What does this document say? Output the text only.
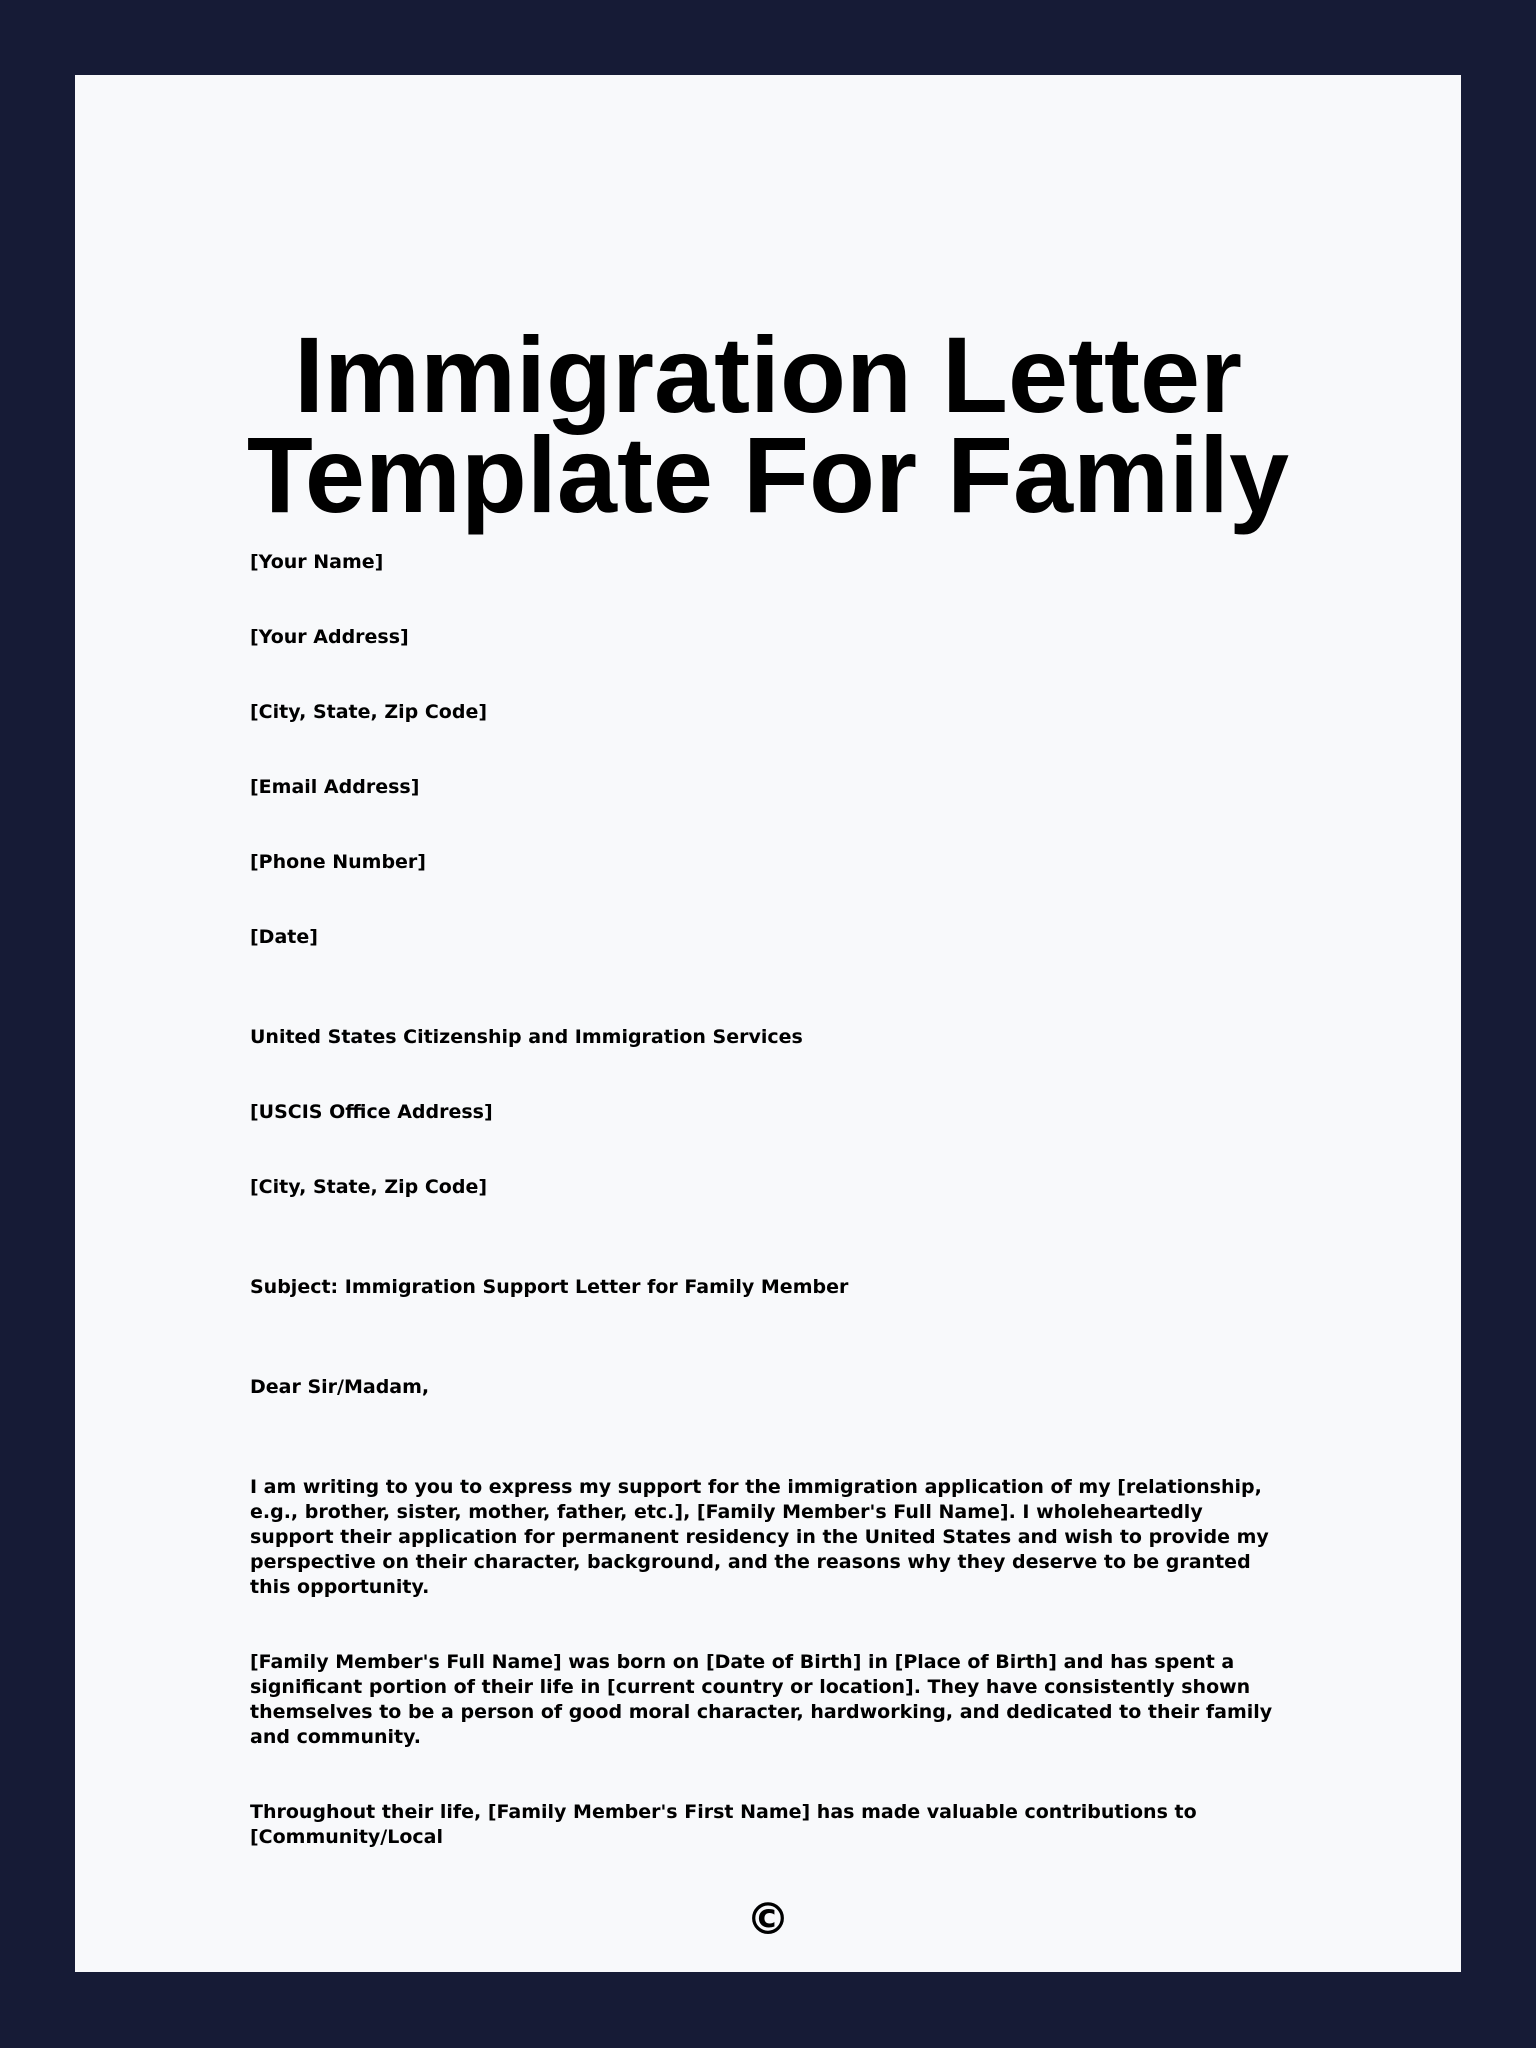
Immigration Letter Template For Family

[Your Name]

[Your Address]

[City, State, Zip Code]

[Email Address]

[Phone Number]

[Date]

United States Citizenship and Immigration Services

[USCIS Office Address]

[City, State, Zip Code]

Subject: Immigration Support Letter for Family Member

Dear Sir/Madam,

I am writing to you to express my support for the immigration application of my [relationship, e.g., brother, sister, mother, father, etc.], [Family Member's Full Name]. I wholeheartedly support their application for permanent residency in the United States and wish to provide my perspective on their character, background, and the reasons why they deserve to be granted this opportunity.

[Family Member's Full Name] was born on [Date of Birth] in [Place of Birth] and has spent a significant portion of their life in [current country or location]. They have consistently shown themselves to be a person of good moral character, hardworking, and dedicated to their family and community.

Throughout their life, [Family Member's First Name] has made valuable contributions to [Community/Local

©
